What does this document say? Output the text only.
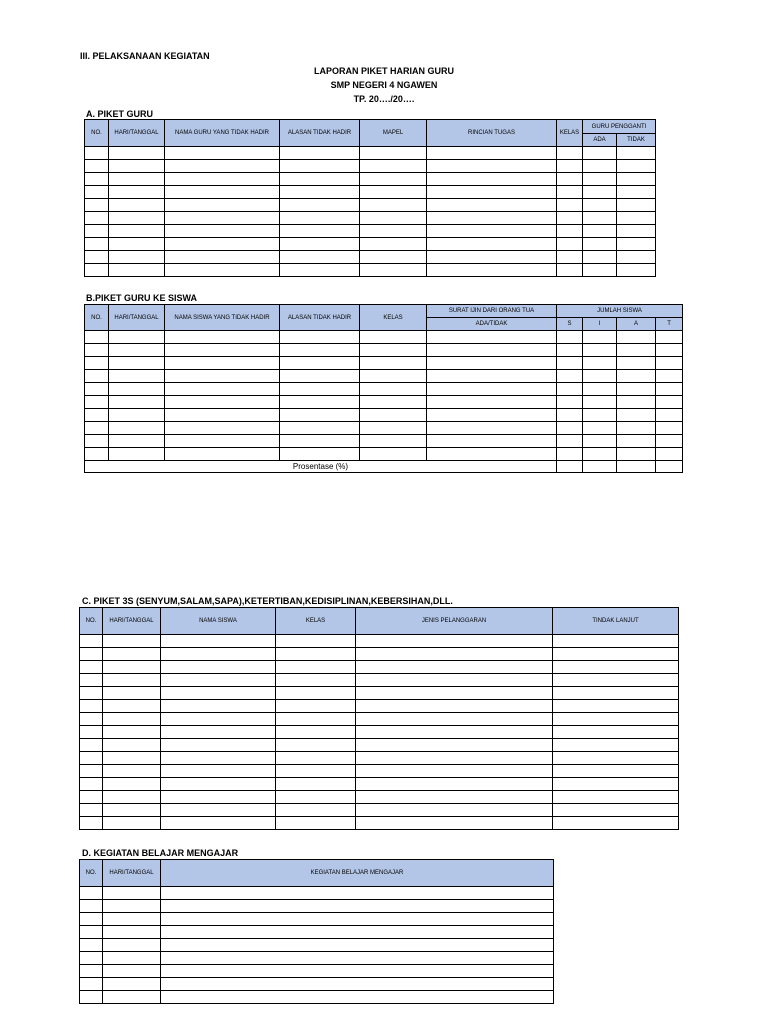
III. PELAKSANAAN KEGIATAN
LAPORAN PIKET HARIAN GURU
SMP NEGERI 4 NGAWEN
TP. 20…./20….
A. PIKET GURU
NO.	HARI/TANGGAL	NAMA GURU YANG TIDAK HADIR	ALASAN TIDAK HADIR	MAPEL	RINCIAN TUGAS	KELAS	GURU PENGGANTI	
							ADA	TIDAK

B.PIKET GURU KE SISWA
NO.	HARI/TANGGAL	NAMA SISWA YANG TIDAK HADIR	ALASAN TIDAK HADIR	KELAS	SURAT IJIN DARI ORANG TUA	JUMLAH SISWA			
					ADA/TIDAK	S	I	A	T

Prosentase (%)									
C. PIKET 3S (SENYUM,SALAM,SAPA),KETERTIBAN,KEDISIPLINAN,KEBERSIHAN,DLL.
NO.	HARI/TANGGAL	NAMA SISWA	KELAS	JENIS PELANGGARAN	TINDAK LANJUT

D. KEGIATAN BELAJAR MENGAJAR
NO.	HARI/TANGGAL	KEGIATAN BELAJAR MENGAJAR
